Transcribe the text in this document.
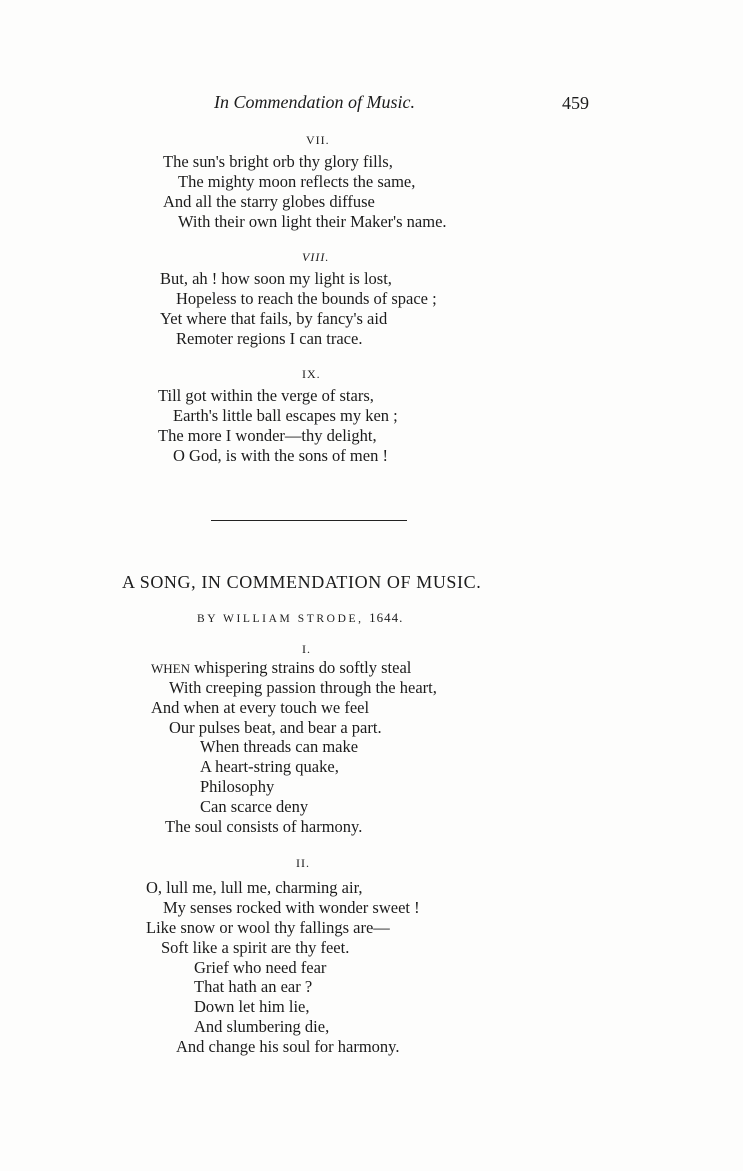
In Commendation of Music.	459
VII.
The sun's bright orb thy glory fills,
The mighty moon reflects the same,
And all the starry globes diffuse
With their own light their Maker's name.
VIII.
But, ah ! how soon my light is lost,
Hopeless to reach the bounds of space ;
Yet where that fails, by fancy's aid
Remoter regions I can trace.
IX.
Till got within the verge of stars,
Earth's little ball escapes my ken ;
The more I wonder—thy delight,
O God, is with the sons of men !
A SONG, IN COMMENDATION OF MUSIC.
BY WILLIAM STRODE, 1644.
I.
WHEN whispering strains do softly steal
With creeping passion through the heart,
And when at every touch we feel
Our pulses beat, and bear a part.
When threads can make
A heart-string quake,
Philosophy
Can scarce deny
The soul consists of harmony.
II.
O, lull me, lull me, charming air,
My senses rocked with wonder sweet !
Like snow or wool thy fallings are—
Soft like a spirit are thy feet.
Grief who need fear
That hath an ear ?
Down let him lie,
And slumbering die,
And change his soul for harmony.
